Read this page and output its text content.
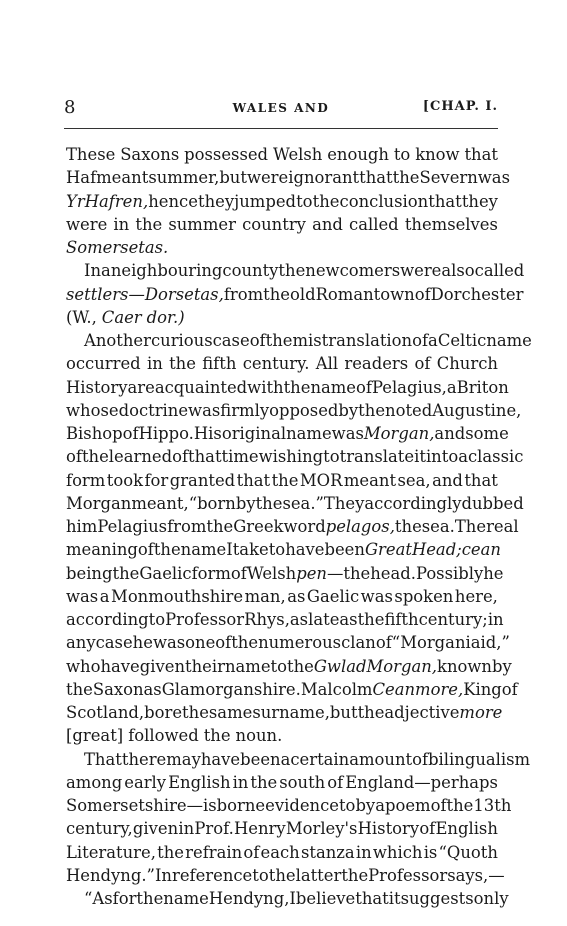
8	WALES AND	[CHAP. I.
These Saxons possessed Welsh enough to know that
Haf meant summer, but were ignorant that the Severn was
Yr Hafren, hence they jumped to the conclusion that they
were in the summer country and called themselves
Somersetas.
In a neighbouring county the new comers were also called
settlers—Dorsetas, from the old Roman town of Dorchester
(W., Caer dor.)
Another curious case of the mistranslation of a Celtic name
occurred in the fifth century. All readers of Church
History are acquainted with the name of Pelagius, a Briton
whose doctrine was firmly opposed by the noted Augustine,
Bishop of Hippo. His original name was Morgan, and some
of the learned of that time wishing to translate it into a classic
form took for granted that the MOR meant sea, and that
Morgan meant, “born by the sea.” They accordingly dubbed
him Pelagius from the Greek word pelagos, the sea. The real
meaning of the name I take to have been Great Head ; cean
being the Gaelic form of Welsh pen —the head. Possibly he
was a Monmouthshire man, as Gaelic was spoken here,
according to Professor Rhys, as late as the fifth century ; in
any case he was one of the numerous clan of “ Morganiaid,”
who have given their name to the Gwlad Morgan, known by
the Saxon as Glamorganshire. Malcolm Ceanmore, King of
Scotland, bore the same surname, but the adjective more
[great] followed the noun.
That there may have been a certain amount of bilingualism
among early English in the south of England—perhaps
Somersetshire—is borne evidence to by a poem of the 13th
century, given in Prof. Henry Morley's History of English
Literature, the refrain of each stanza in which is “Quoth
Hendyng.” In reference to the latter the Professor says,—
“ As for the name Hendyng, I believe that it suggests only
